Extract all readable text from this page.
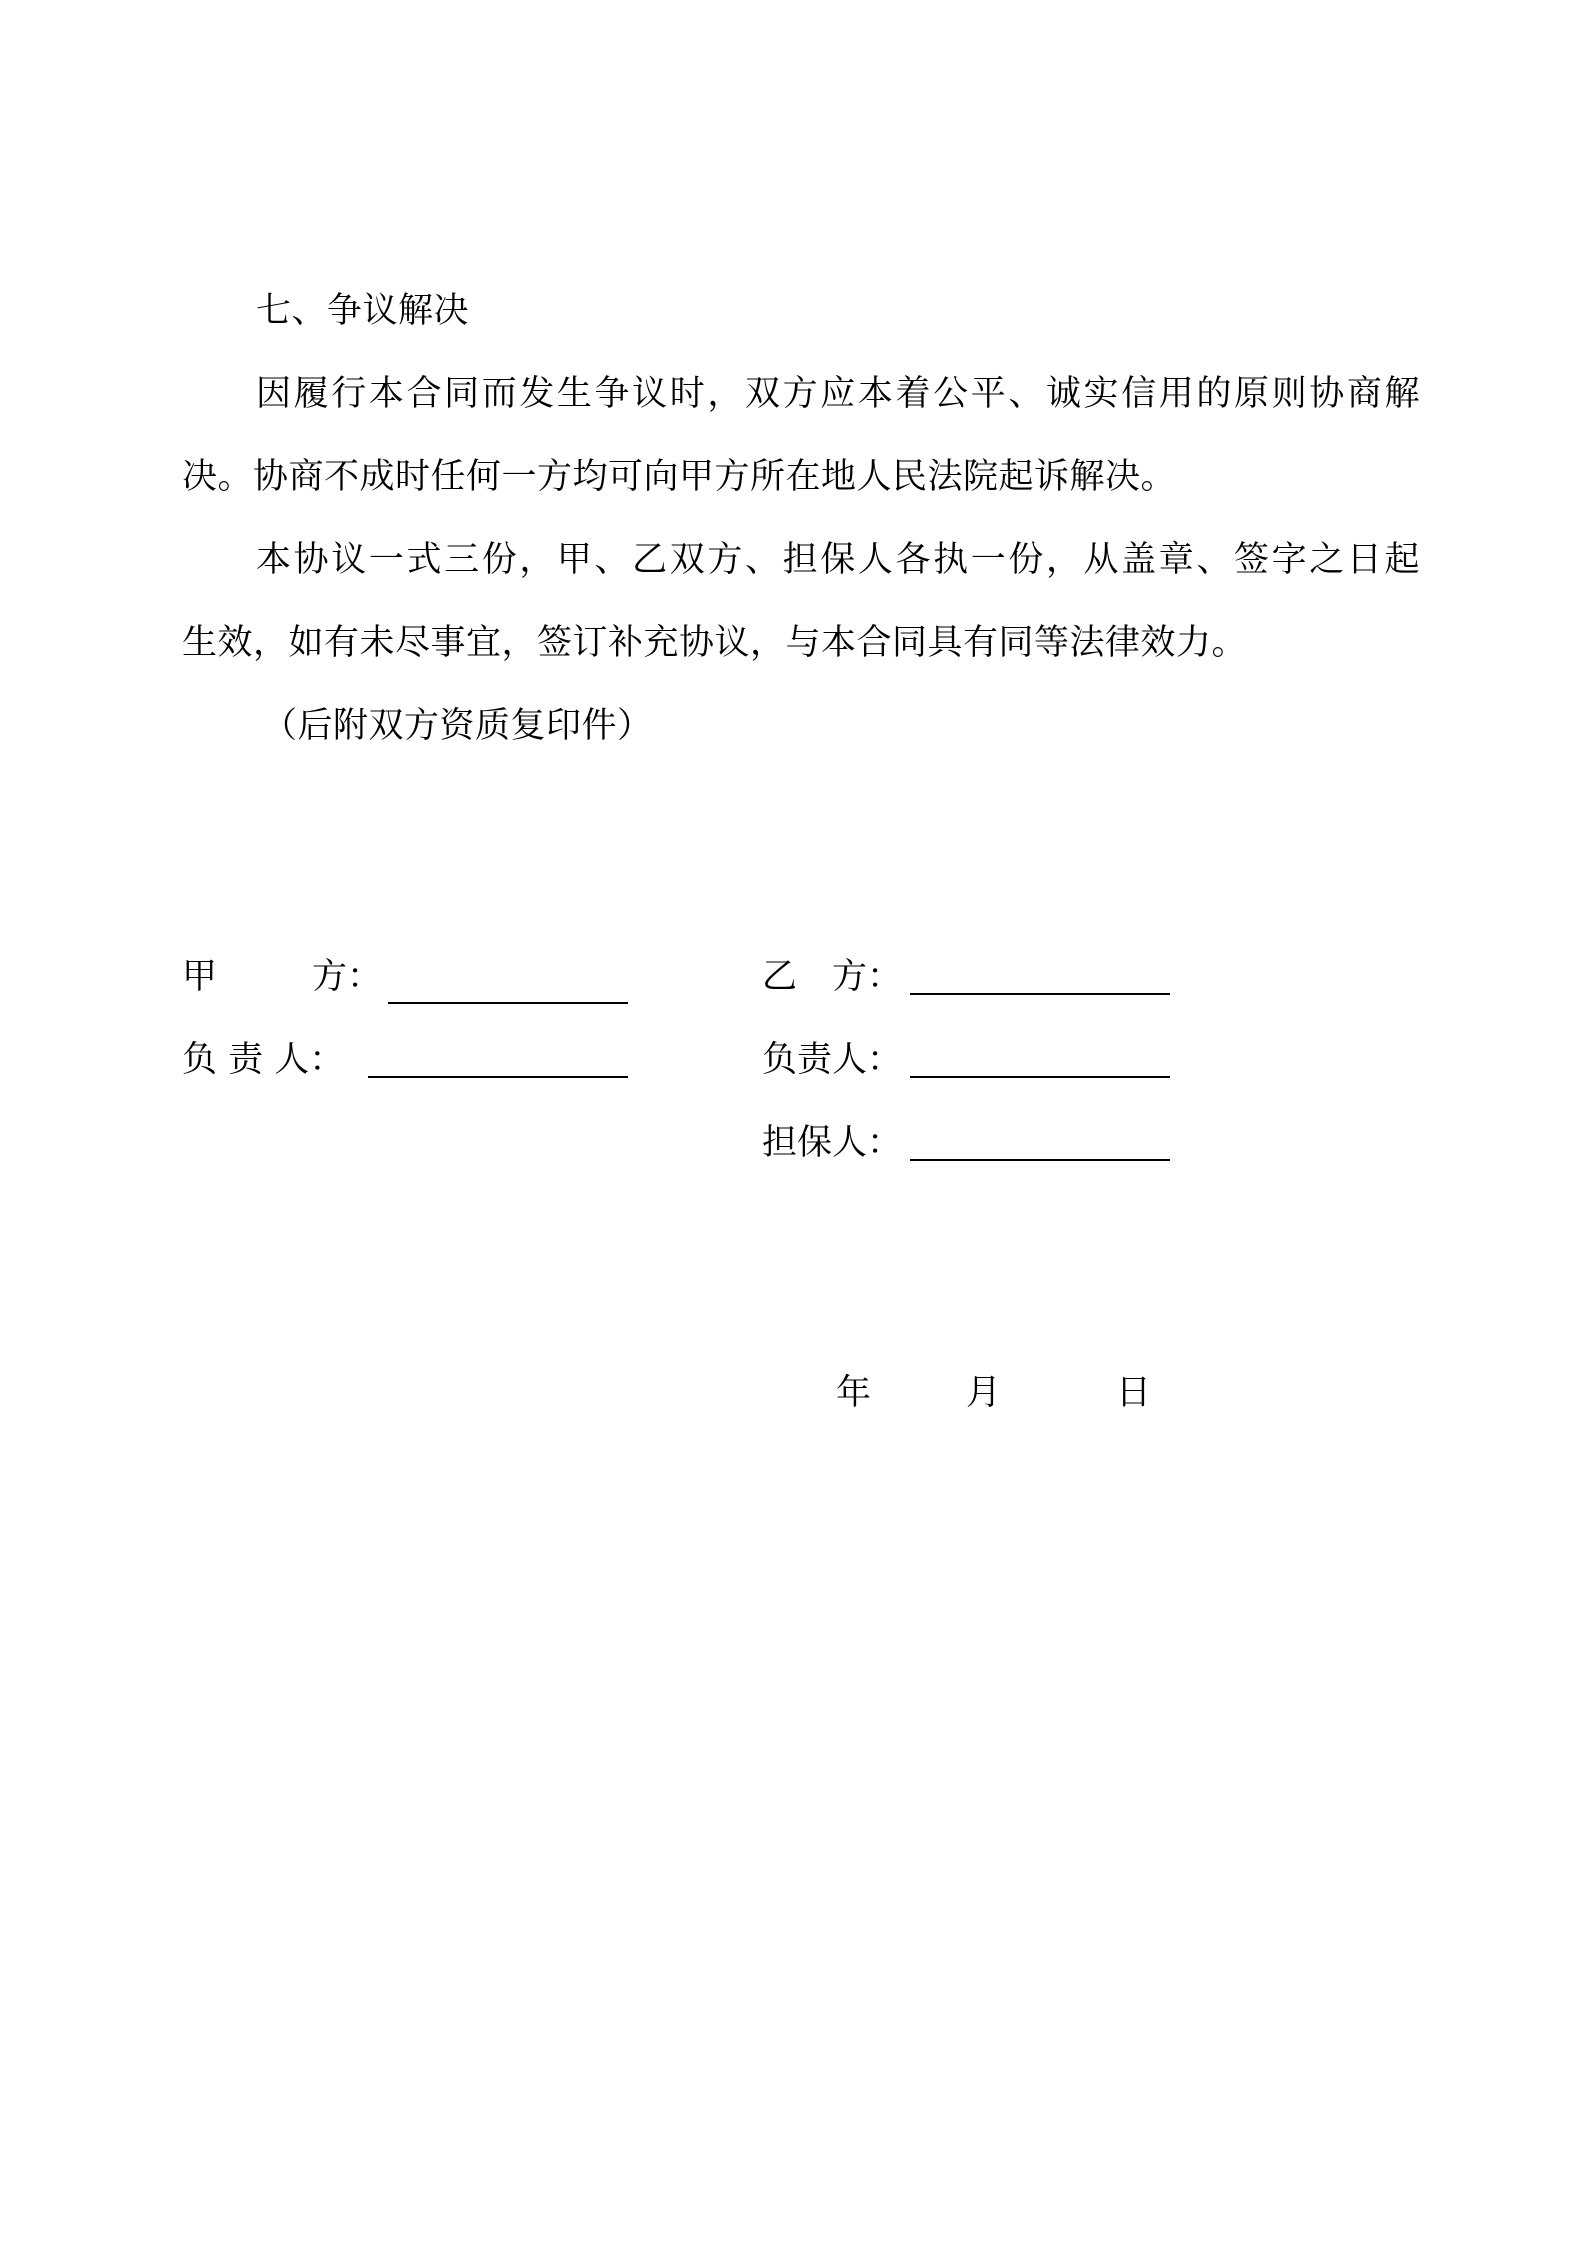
七、争议解决
因履行本合同而发生争议时，双方应本着公平、诚实信用的原则协商解
决。协商不成时任何一方均可向甲方所在地人民法院起诉解决。
本协议一式三份，甲、乙双方、担保人各执一份，从盖章、签字之日起
生效，如有未尽事宜，签订补充协议，与本合同具有同等法律效力。
（后附双方资质复印件）
甲	方：
负 责 人：
乙　方：
负责人：
担保人：
年	月	日
